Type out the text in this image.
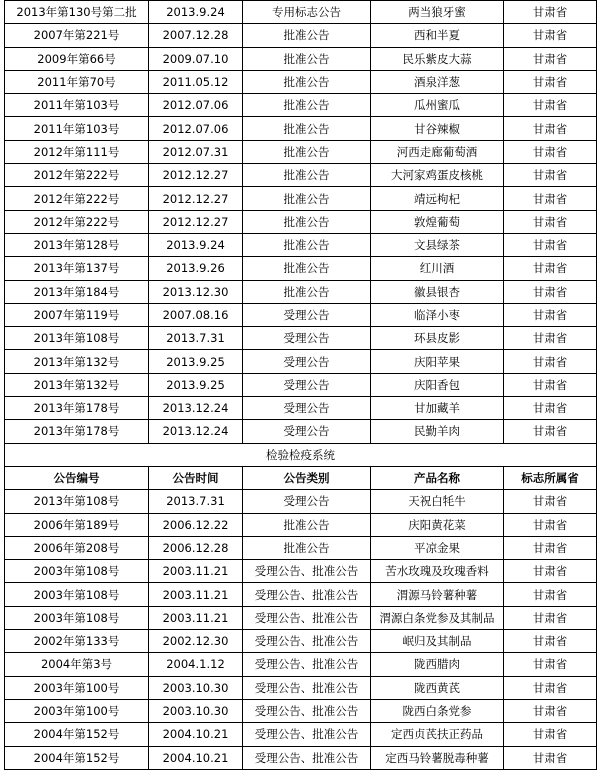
2013年第130号第二批	2013.9.24	专用标志公告	两当狼牙蜜	甘肃省
2007年第221号	2007.12.28	批准公告	西和半夏	甘肃省
2009年第66号	2009.07.10	批准公告	民乐紫皮大蒜	甘肃省
2011年第70号	2011.05.12	批准公告	酒泉洋葱	甘肃省
2011年第103号	2012.07.06	批准公告	瓜州蜜瓜	甘肃省
2011年第103号	2012.07.06	批准公告	甘谷辣椒	甘肃省
2012年第111号	2012.07.31	批准公告	河西走廊葡萄酒	甘肃省
2012年第222号	2012.12.27	批准公告	大河家鸡蛋皮核桃	甘肃省
2012年第222号	2012.12.27	批准公告	靖远枸杞	甘肃省
2012年第222号	2012.12.27	批准公告	敦煌葡萄	甘肃省
2013年第128号	2013.9.24	批准公告	文县绿茶	甘肃省
2013年第137号	2013.9.26	批准公告	红川酒	甘肃省
2013年第184号	2013.12.30	批准公告	徽县银杏	甘肃省
2007年第119号	2007.08.16	受理公告	临泽小枣	甘肃省
2013年第108号	2013.7.31	受理公告	环县皮影	甘肃省
2013年第132号	2013.9.25	受理公告	庆阳苹果	甘肃省
2013年第132号	2013.9.25	受理公告	庆阳香包	甘肃省
2013年第178号	2013.12.24	受理公告	甘加藏羊	甘肃省
2013年第178号	2013.12.24	受理公告	民勤羊肉	甘肃省
检验检疫系统				
公告编号	公告时间	公告类别	产品名称	标志所属省
2013年第108号	2013.7.31	受理公告	天祝白牦牛	甘肃省
2006年第189号	2006.12.22	批准公告	庆阳黄花菜	甘肃省
2006年第208号	2006.12.28	批准公告	平凉金果	甘肃省
2003年第108号	2003.11.21	受理公告、批准公告	苦水玫瑰及玫瑰香料	甘肃省
2003年第108号	2003.11.21	受理公告、批准公告	渭源马铃薯种薯	甘肃省
2003年第108号	2003.11.21	受理公告、批准公告	渭源白条党参及其制品	甘肃省
2002年第133号	2002.12.30	受理公告、批准公告	岷归及其制品	甘肃省
2004年第3号	2004.1.12	受理公告、批准公告	陇西腊肉	甘肃省
2003年第100号	2003.10.30	受理公告、批准公告	陇西黄芪	甘肃省
2003年第100号	2003.10.30	受理公告、批准公告	陇西白条党参	甘肃省
2004年第152号	2004.10.21	受理公告、批准公告	定西贞芪扶正药品	甘肃省
2004年第152号	2004.10.21	受理公告、批准公告	定西马铃薯脱毒种薯	甘肃省
